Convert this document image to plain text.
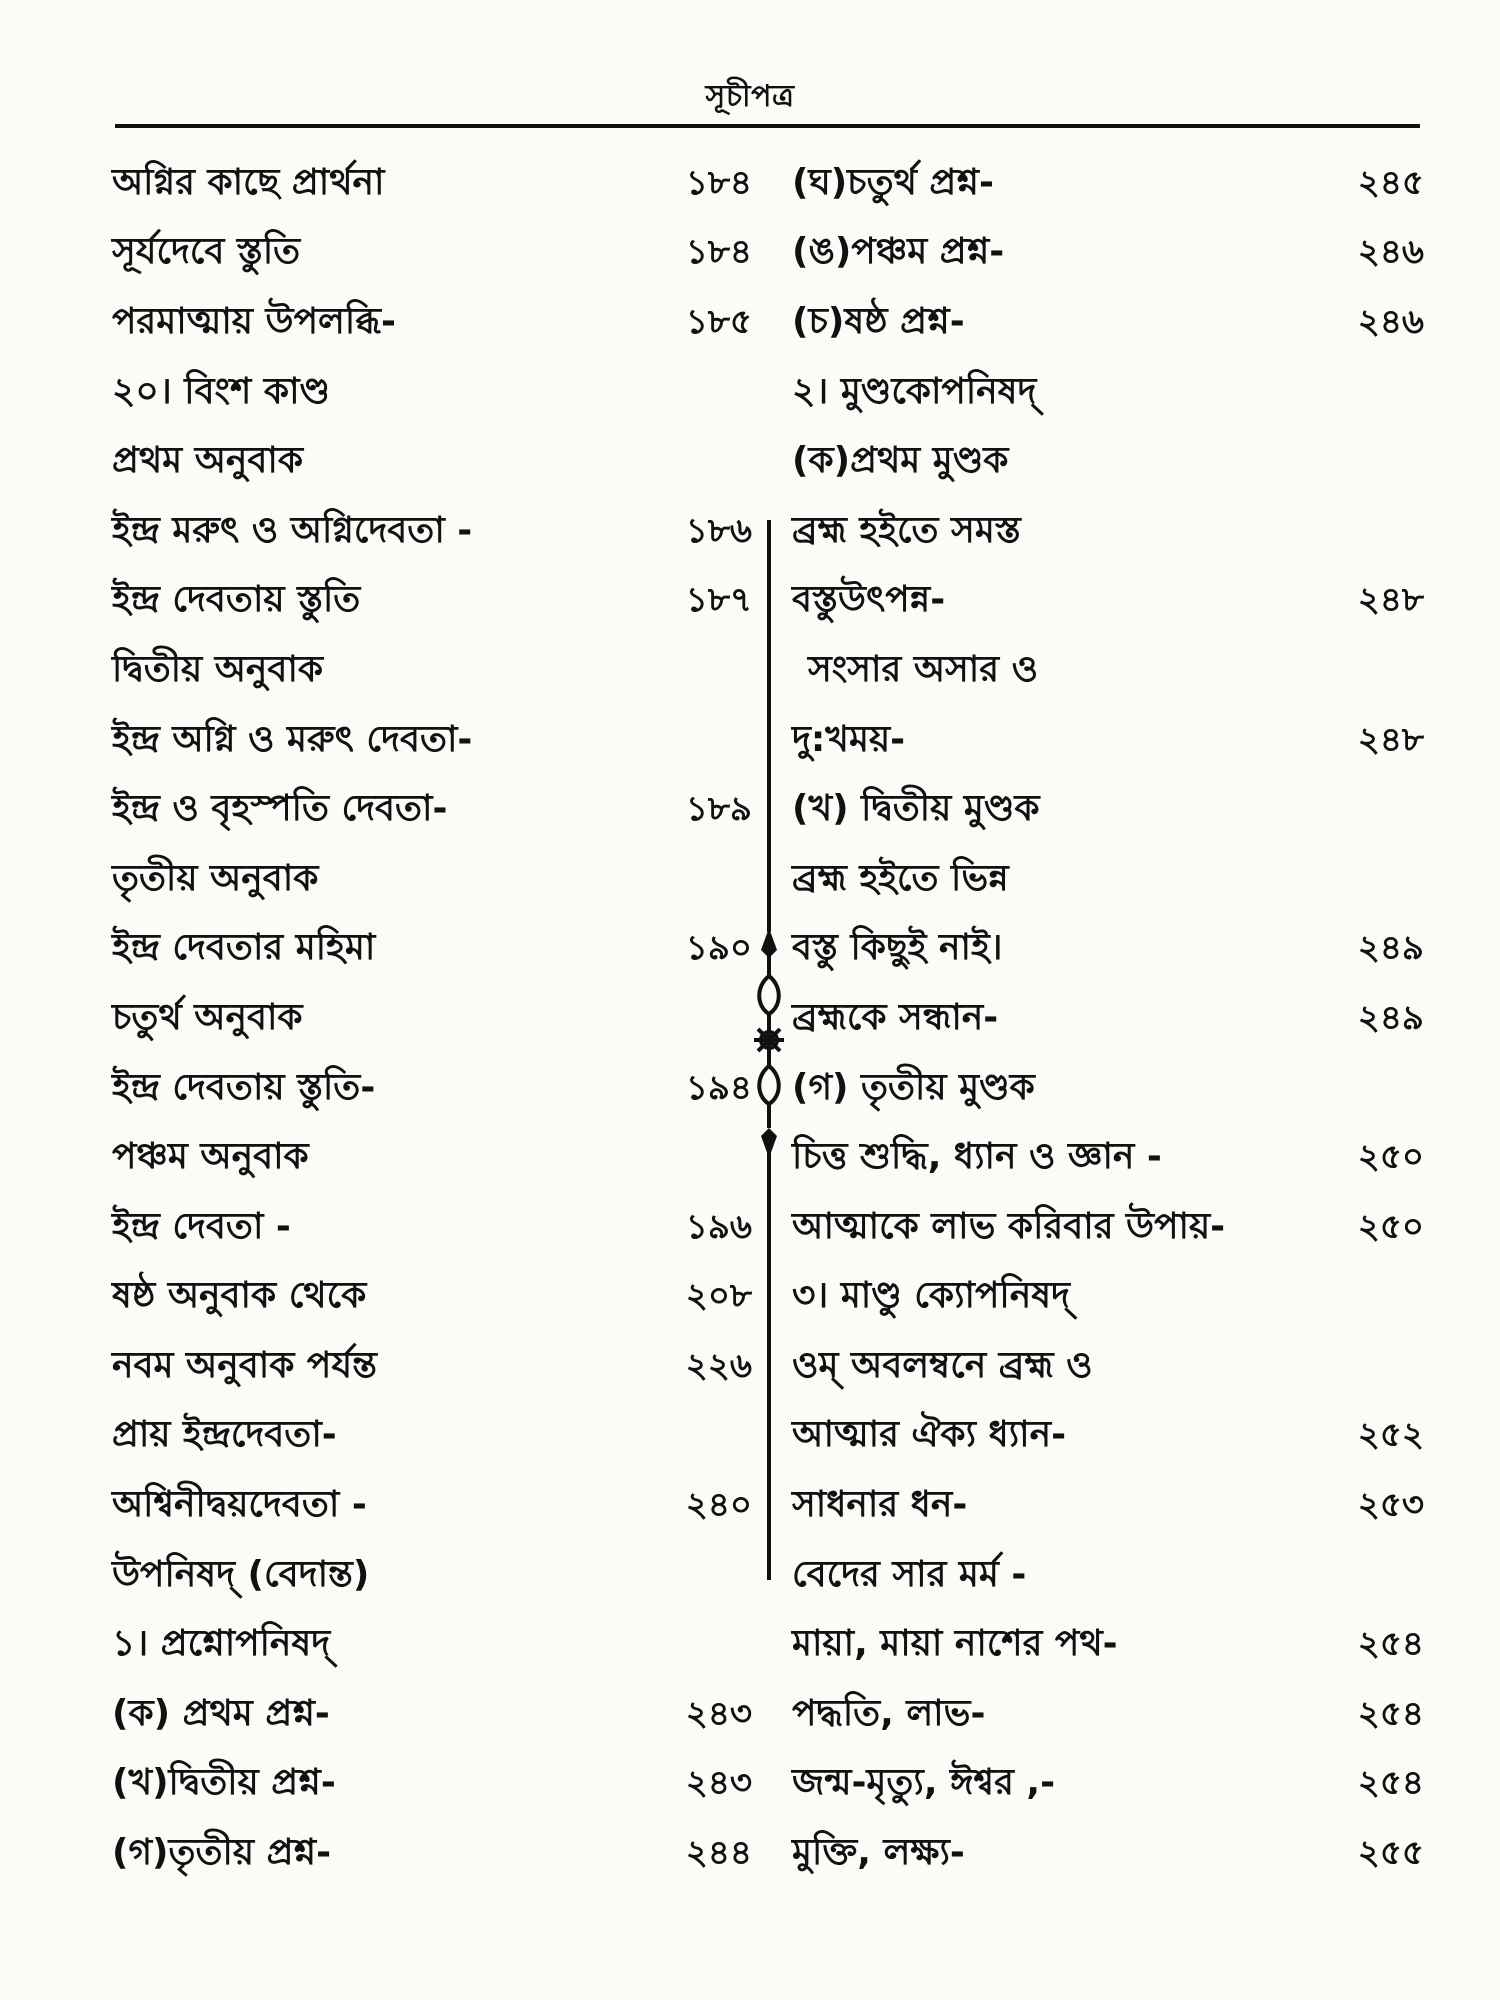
সূচীপত্র
অগ্নির কাছে প্রার্থনা	১৮৪
সূর্যদেবে স্তুতি	১৮৪
পরমাত্মায় উপলব্ধি-	১৮৫
২০। বিংশ কাণ্ড
প্রথম অনুবাক
ইন্দ্র মরুৎ ও অগ্নিদেবতা -	১৮৬
ইন্দ্র দেবতায় স্তুতি	১৮৭
দ্বিতীয় অনুবাক
ইন্দ্র অগ্নি ও মরুৎ দেবতা-
ইন্দ্র ও বৃহস্পতি দেবতা-	১৮৯
তৃতীয় অনুবাক
ইন্দ্র দেবতার মহিমা	১৯০
চতুর্থ অনুবাক
ইন্দ্র দেবতায় স্তুতি-	১৯৪
পঞ্চম অনুবাক
ইন্দ্র দেবতা -	১৯৬
ষষ্ঠ অনুবাক থেকে	২০৮
নবম অনুবাক পর্যন্ত	২২৬
প্রায় ইন্দ্রদেবতা-
অশ্বিনীদ্বয়দেবতা -	২৪০
উপনিষদ্ (বেদান্ত)
১। প্রশ্নোপনিষদ্
(ক) প্রথম প্রশ্ন-	২৪৩
(খ)দ্বিতীয় প্রশ্ন-	২৪৩
(গ)তৃতীয় প্রশ্ন-	২৪৪
(ঘ)চতুর্থ প্রশ্ন-	২৪৫
(ঙ)পঞ্চম প্রশ্ন-	২৪৬
(চ)ষষ্ঠ প্রশ্ন-	২৪৬
২। মুণ্ডকোপনিষদ্
(ক)প্রথম মুণ্ডক
ব্রহ্ম হইতে সমস্ত
বস্তুউৎপন্ন-	২৪৮
সংসার অসার ও
দু:খময়-	২৪৮
(খ) দ্বিতীয় মুণ্ডক
ব্রহ্ম হইতে ভিন্ন
বস্তু কিছুই নাই।	২৪৯
ব্রহ্মকে সন্ধান-	২৪৯
(গ) তৃতীয় মুণ্ডক
চিত্ত শুদ্ধি, ধ্যান ও জ্ঞান -	২৫০
আত্মাকে লাভ করিবার উপায়-	২৫০
৩। মাণ্ডু ক্যোপনিষদ্
ওম্ অবলম্বনে ব্রহ্ম ও
আত্মার ঐক্য ধ্যান-	২৫২
সাধনার ধন-	২৫৩
বেদের সার মর্ম -
মায়া, মায়া নাশের পথ-	২৫৪
পদ্ধতি, লাভ-	২৫৪
জন্ম-মৃত্যু, ঈশ্বর ,-	২৫৪
মুক্তি, লক্ষ্য-	২৫৫
